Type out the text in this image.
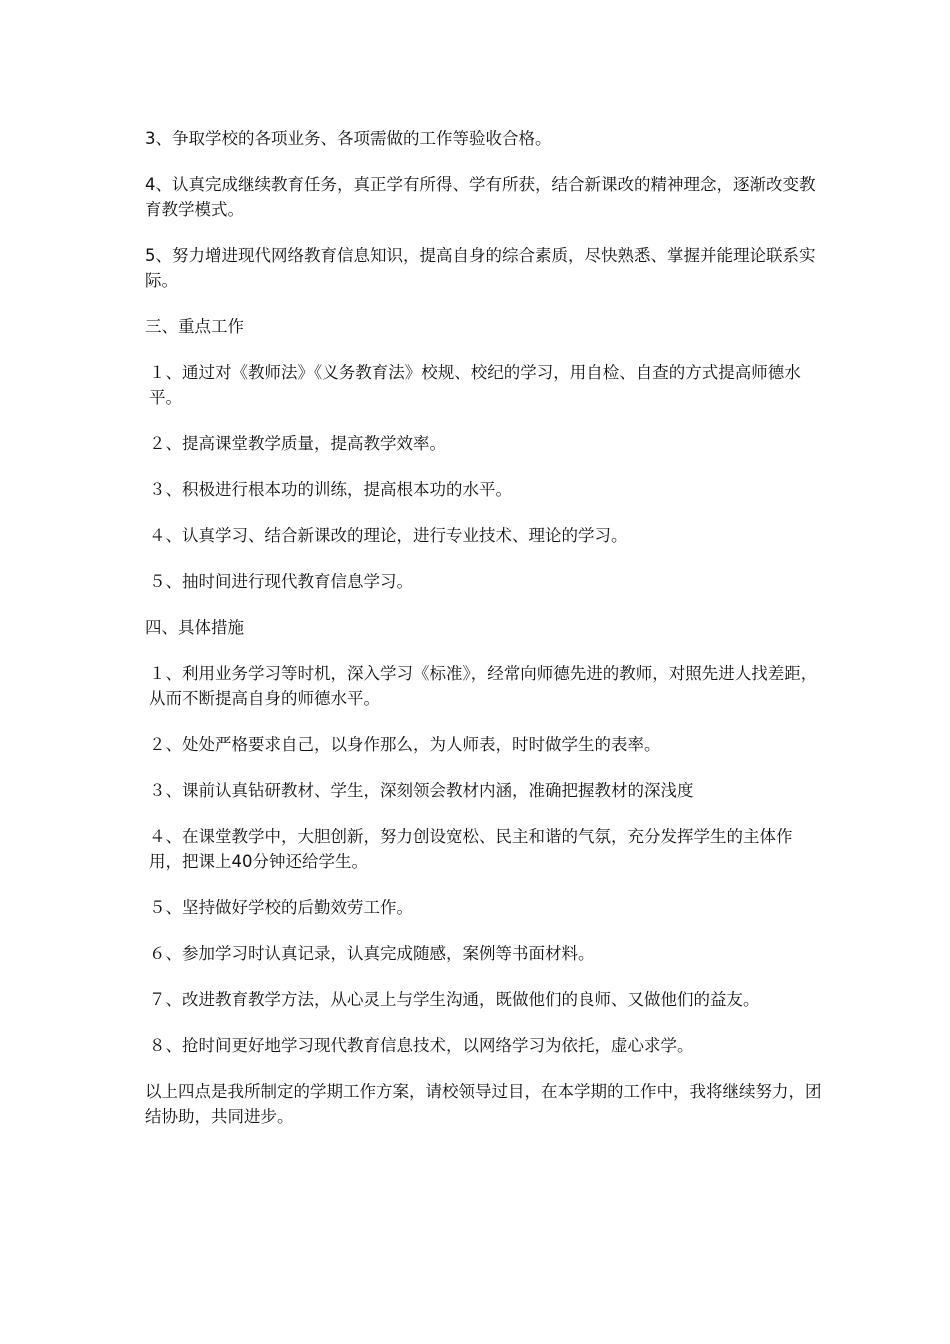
3、争取学校的各项业务、各项需做的工作等验收合格。

4、认真完成继续教育任务，真正学有所得、学有所获，结合新课改的精神理念，逐渐改变教育教学模式。

5、努力增进现代网络教育信息知识，提高自身的综合素质，尽快熟悉、掌握并能理论联系实际。

三、重点工作

１、通过对《教师法》《义务教育法》校规、校纪的学习，用自检、自查的方式提高师德水平。

２、提高课堂教学质量，提高教学效率。

３、积极进行根本功的训练，提高根本功的水平。

４、认真学习、结合新课改的理论，进行专业技术、理论的学习。

５、抽时间进行现代教育信息学习。

四、具体措施

１、利用业务学习等时机，深入学习《标准》，经常向师德先进的教师，对照先进人找差距，从而不断提高自身的师德水平。

２、处处严格要求自己，以身作那么，为人师表，时时做学生的表率。

３、课前认真钻研教材、学生，深刻领会教材内涵，准确把握教材的深浅度

４、在课堂教学中，大胆创新，努力创设宽松、民主和谐的气氛，充分发挥学生的主体作用，把课上40分钟还给学生。

５、坚持做好学校的后勤效劳工作。

６、参加学习时认真记录，认真完成随感，案例等书面材料。

７、改进教育教学方法，从心灵上与学生沟通，既做他们的良师、又做他们的益友。

８、抢时间更好地学习现代教育信息技术，以网络学习为依托，虚心求学。

以上四点是我所制定的学期工作方案，请校领导过目，在本学期的工作中，我将继续努力，团结协助，共同进步。
